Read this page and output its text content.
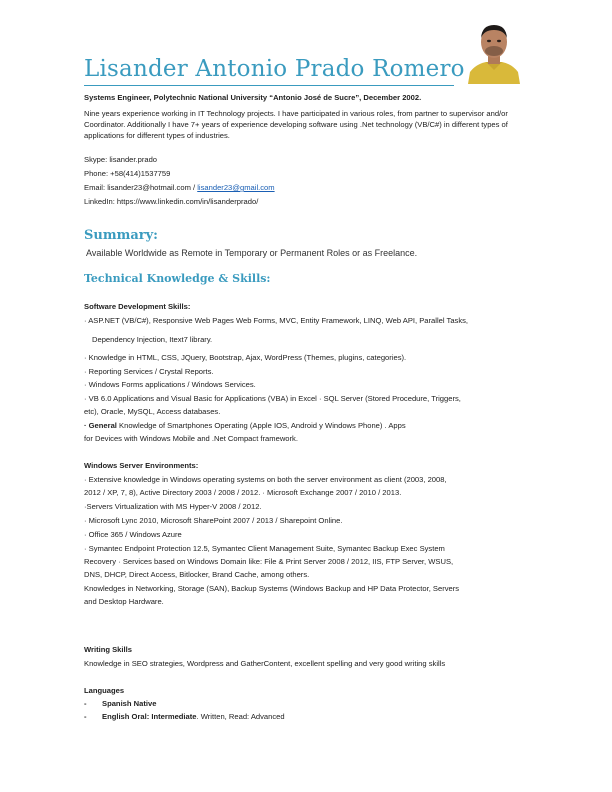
Lisander Antonio Prado Romero
Systems Engineer, Polytechnic National University “Antonio José de Sucre”, December 2002.
Nine years experience working in IT Technology projects. I have participated in various roles, from partner to supervisor and/or Coordinator. Additionally I have 7+ years of experience developing software using .Net technology (VB/C#) in different types of applications for different types of industries.
Skype: lisander.prado
Phone: +58(414)1537759
Email: lisander23@hotmail.com / lisander23@gmail.com
LinkedIn: https://www.linkedin.com/in/lisanderprado/
Summary:
Available Worldwide as Remote in Temporary or Permanent Roles or as Freelance.
Technical Knowledge & Skills:
Software Development Skills:
· ASP.NET (VB/C#), Responsive Web Pages Web Forms, MVC, Entity Framework, LINQ, Web API, Parallel Tasks,
Dependency Injection, Itext7 library.
· Knowledge in HTML, CSS, JQuery, Bootstrap, Ajax, WordPress (Themes, plugins, categories).
· Reporting Services / Crystal Reports.
· Windows Forms applications / Windows Services.
· VB 6.0 Applications and Visual Basic for Applications (VBA) in Excel · SQL Server (Stored Procedure, Triggers,
etc), Oracle, MySQL, Access databases.
· General Knowledge of Smartphones Operating (Apple IOS, Android y Windows Phone) . Apps
for Devices with Windows Mobile and .Net Compact framework.
Windows Server Environments:
· Extensive knowledge in Windows operating systems on both the server environment as client (2003, 2008,
2012 / XP, 7, 8), Active Directory 2003 / 2008 / 2012. · Microsoft Exchange 2007 / 2010 / 2013.
·Servers Virtualization with MS Hyper-V 2008 / 2012.
· Microsoft Lync 2010, Microsoft SharePoint 2007 / 2013 / Sharepoint Online.
· Office 365 / Windows Azure
· Symantec Endpoint Protection 12.5, Symantec Client Management Suite, Symantec Backup Exec System
Recovery · Services based on Windows Domain like: File & Print Server 2008 / 2012, IIS, FTP Server, WSUS,
DNS, DHCP, Direct Access, Bitlocker, Brand Cache, among others.
Knowledges in Networking, Storage (SAN), Backup Systems (Windows Backup and HP Data Protector, Servers
and Desktop Hardware.
Writing Skills
Knowledge in SEO strategies, Wordpress and GatherContent, excellent spelling and very good writing skills
Languages
- Spanish Native
- English Oral: Intermediate. Written, Read: Advanced
